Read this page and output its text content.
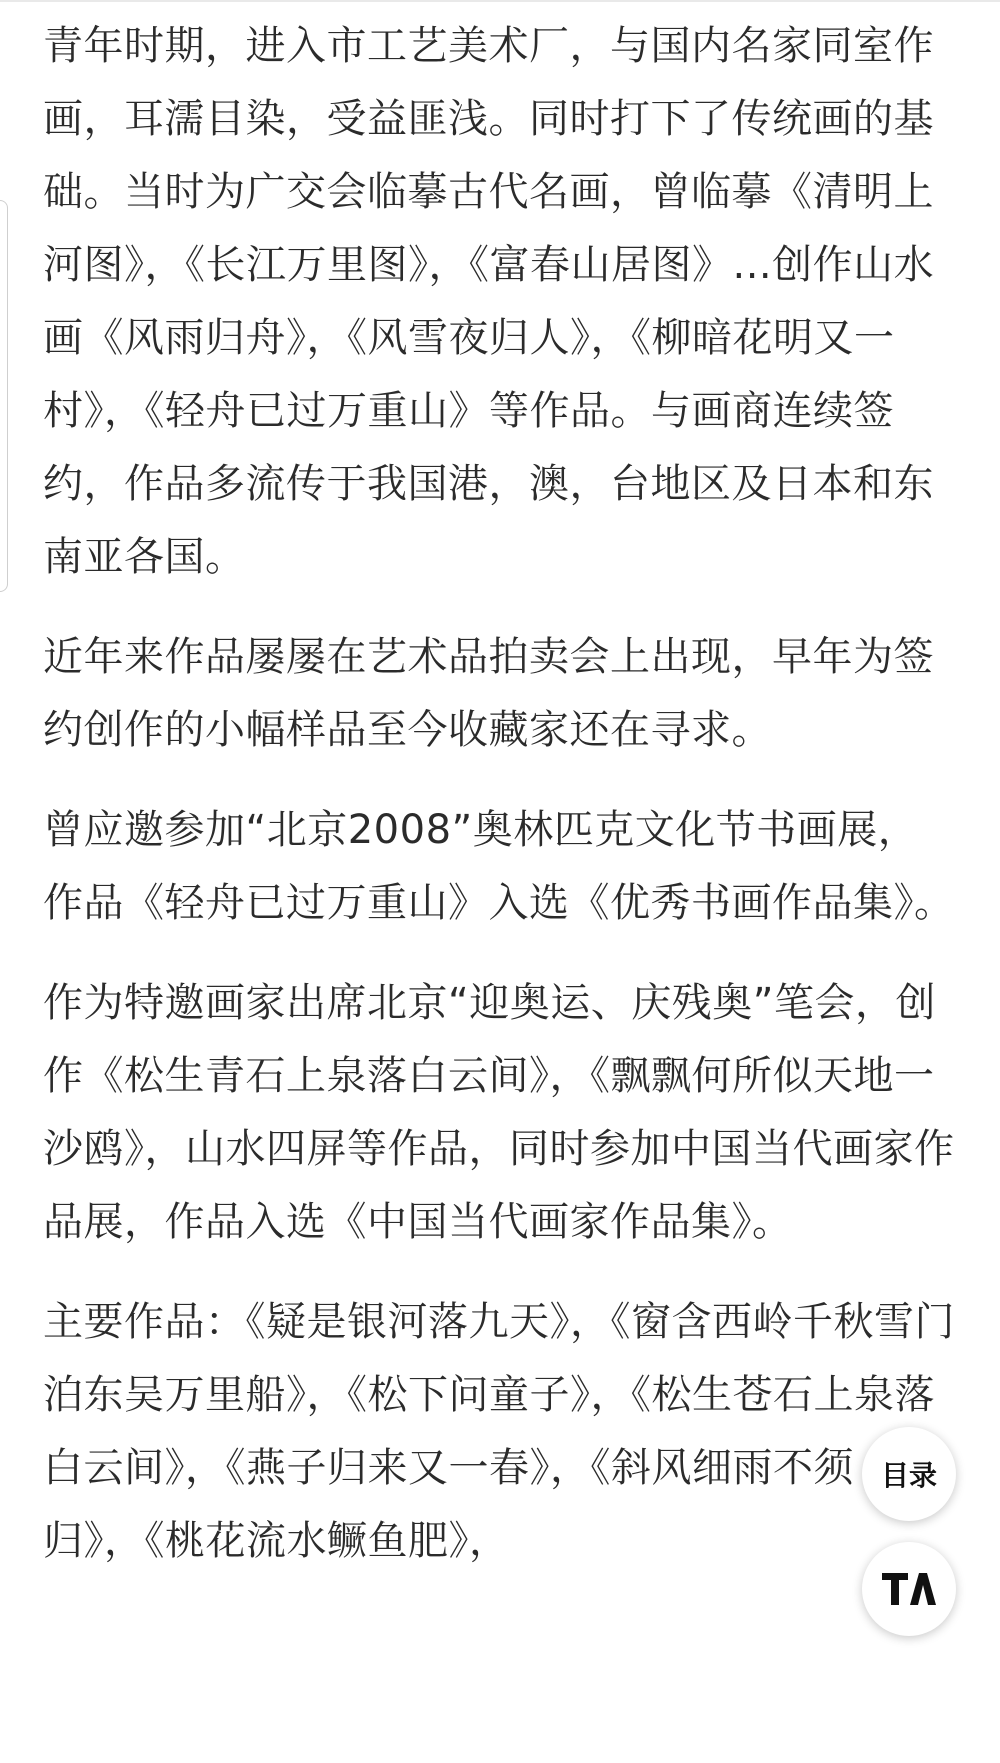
青年时期，进入市工艺美术厂，与国内名家同室作画，耳濡目染，受益匪浅。同时打下了传统画的基础。当时为广交会临摹古代名画，曾临摹《清明上河图》，《长江万里图》，《富春山居图》...创作山水画《风雨归舟》，《风雪夜归人》，《柳暗花明又一村》，《轻舟已过万重山》等作品。与画商连续签约，作品多流传于我国港，澳，台地区及日本和东南亚各国。

近年来作品屡屡在艺术品拍卖会上出现，早年为签约创作的小幅样品至今收藏家还在寻求。

曾应邀参加“北京2008”奥林匹克文化节书画展，作品《轻舟已过万重山》入选《优秀书画作品集》。

作为特邀画家出席北京“迎奥运、庆残奥”笔会，创作《松生青石上泉落白云间》，《飘飘何所似天地一沙鸥》，山水四屏等作品，同时参加中国当代画家作品展，作品入选《中国当代画家作品集》。

主要作品：《疑是银河落九天》，《窗含西岭千秋雪门泊东吴万里船》，《松下问童子》，《松生苍石上泉落白云间》，《燕子归来又一春》，《斜风细雨不须归》，《桃花流水鳜鱼肥》，

目录
